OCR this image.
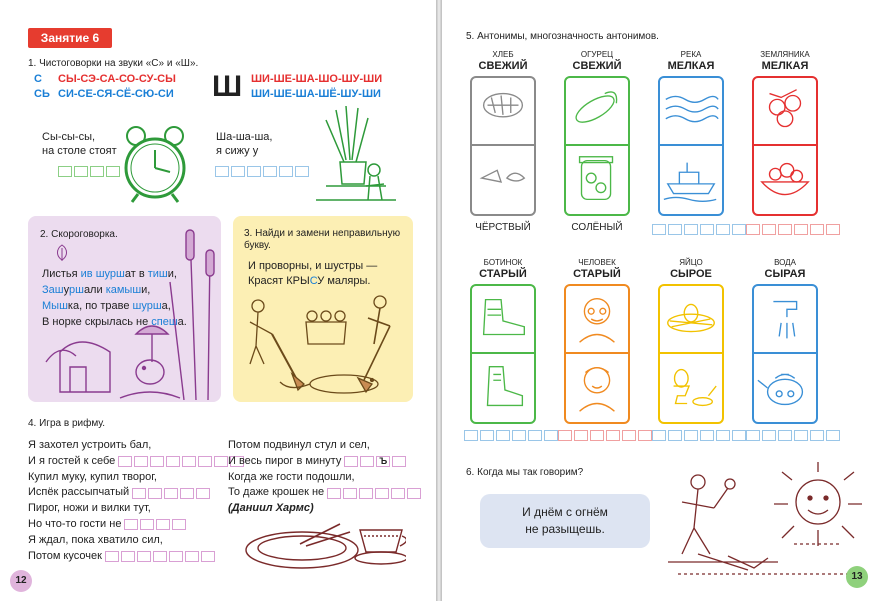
Занятие 6
1. Чистоговорки на звуки «С» и «Ш».
С СЫ-СЭ-СА-СО-СУ-СЫ
СЬ СИ-СЕ-СЯ-СЁ-СЮ-СИ Ш ШИ-ШЕ-ША-ШО-ШУ-ШИ
ШИ-ШЕ-ША-ШЁ-ШУ-ШИ
Сы-сы-сы,
на столе стоят
Ша-ша-ша,
я сижу у
2. Скороговорка.
Листья ив шуршат в тиши,
Зашуршали камыши,
Мышка, по траве шурша,
В норке скрылась не спеша.
3. Найди и замени неправильную букву.
И проворны, и шустры —
Красят КРЫСУ маляры.
4. Игра в рифму.
Я захотел устроить бал,
И я гостей к себе
Купил муку, купил творог,
Испёк рассыпчатый
Пирог, ножи и вилки тут,
Но что-то гости не
Я ждал, пока хватило сил,
Потом кусочек
Потом подвинул стул и сел,
И весь пирог в минуту	Ъ
Когда же гости подошли,
То даже крошек не
(Даниил Хармс)
12
5. Антонимы, многозначность антонимов.
6. Когда мы так говорим?
И днём с огнём
не разыщешь.
13
ХЛЕБ
СВЕЖИЙ
ЧЁРСТВЫЙ
ОГУРЕЦ
СВЕЖИЙ
СОЛЁНЫЙ
РЕКА
МЕЛКАЯ
ЗЕМЛЯНИКА
МЕЛКАЯ
БОТИНОК
СТАРЫЙ
ЧЕЛОВЕК
СТАРЫЙ
ЯЙЦО
СЫРОЕ
ВОДА
СЫРАЯ
